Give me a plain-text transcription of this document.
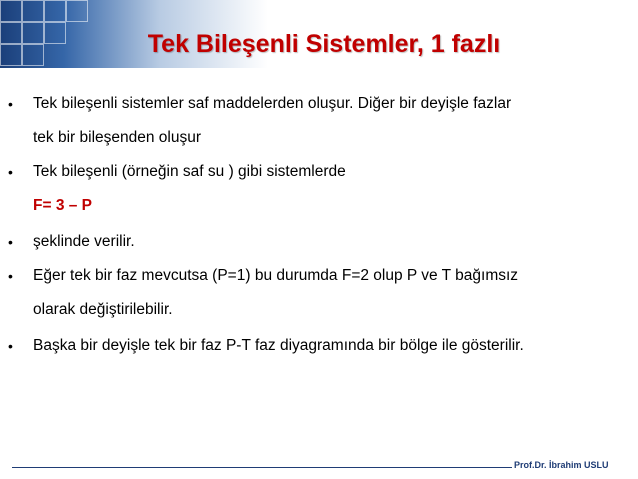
Tek Bileşenli Sistemler, 1 fazlı
• Tek bileşenli sistemler saf maddelerden oluşur. Diğer bir deyişle fazlar
tek bir bileşenden oluşur
• Tek bileşenli (örneğin saf su ) gibi sistemlerde
F= 3 – P
• şeklinde verilir.
• Eğer tek bir faz mevcutsa (P=1) bu durumda F=2 olup P ve T bağımsız
olarak değiştirilebilir.
• Başka bir deyişle tek bir faz P-T faz diyagramında bir bölge ile gösterilir.
Prof.Dr. İbrahim USLU
